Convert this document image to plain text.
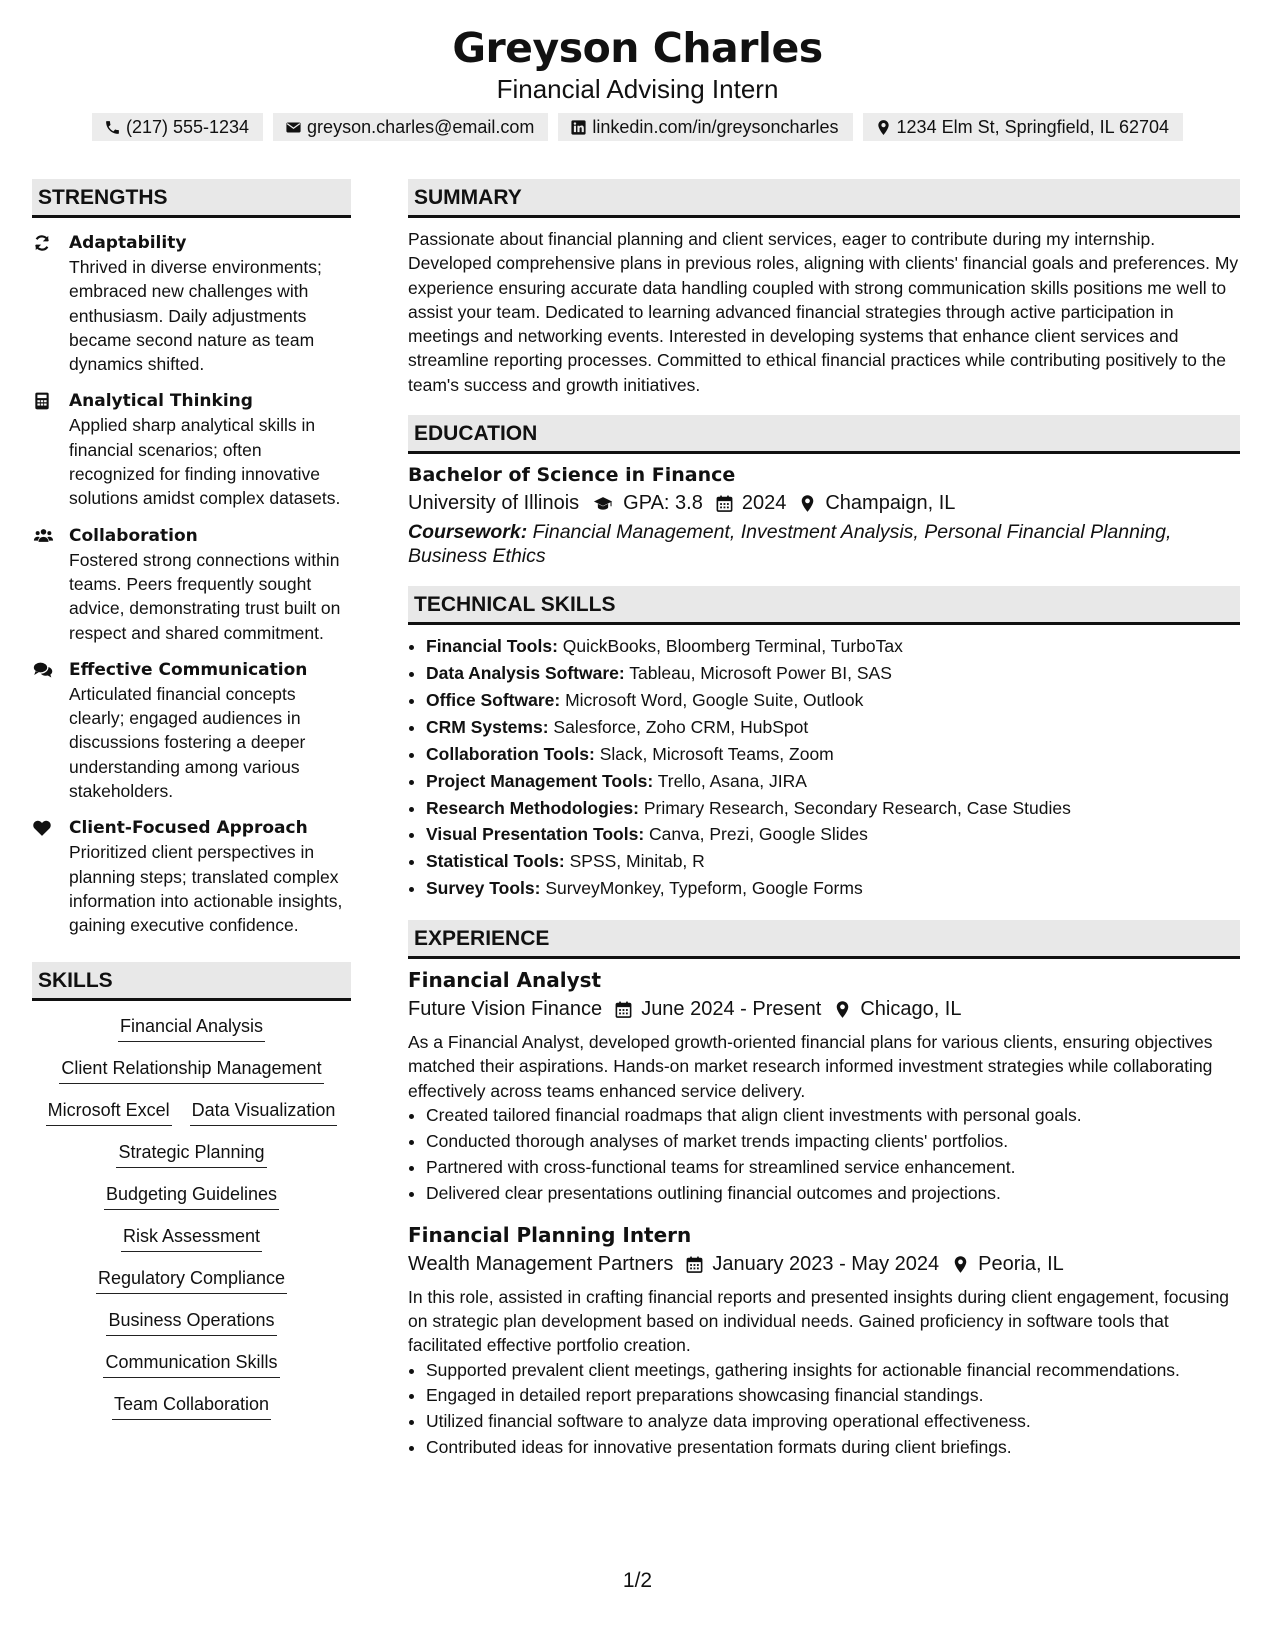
Greyson Charles
Financial Advising Intern
(217) 555-1234	greyson.charles@email.com	linkedin.com/in/greysoncharles	1234 Elm St, Springfield, IL 62704
STRENGTHS
Adaptability
Thrived in diverse environments; embraced new challenges with enthusiasm. Daily adjustments became second nature as team dynamics shifted.
Analytical Thinking
Applied sharp analytical skills in financial scenarios; often recognized for finding innovative solutions amidst complex datasets.
Collaboration
Fostered strong connections within teams. Peers frequently sought advice, demonstrating trust built on respect and shared commitment.
Effective Communication
Articulated financial concepts clearly; engaged audiences in discussions fostering a deeper understanding among various stakeholders.
Client-Focused Approach
Prioritized client perspectives in planning steps; translated complex information into actionable insights, gaining executive confidence.
SKILLS
Financial Analysis
Client Relationship Management
Microsoft Excel Data Visualization
Strategic Planning
Budgeting Guidelines
Risk Assessment
Regulatory Compliance
Business Operations
Communication Skills
Team Collaboration
SUMMARY
Passionate about financial planning and client services, eager to contribute during my internship. Developed comprehensive plans in previous roles, aligning with clients' financial goals and preferences. My experience ensuring accurate data handling coupled with strong communication skills positions me well to assist your team. Dedicated to learning advanced financial strategies through active participation in meetings and networking events. Interested in developing systems that enhance client services and streamline reporting processes. Committed to ethical financial practices while contributing positively to the team's success and growth initiatives.
EDUCATION
Bachelor of Science in Finance
University of Illinois GPA: 3.8 2024 Champaign, IL
Coursework: Financial Management, Investment Analysis, Personal Financial Planning, Business Ethics
TECHNICAL SKILLS
• Financial Tools: QuickBooks, Bloomberg Terminal, TurboTax
• Data Analysis Software: Tableau, Microsoft Power BI, SAS
• Office Software: Microsoft Word, Google Suite, Outlook
• CRM Systems: Salesforce, Zoho CRM, HubSpot
• Collaboration Tools: Slack, Microsoft Teams, Zoom
• Project Management Tools: Trello, Asana, JIRA
• Research Methodologies: Primary Research, Secondary Research, Case Studies
• Visual Presentation Tools: Canva, Prezi, Google Slides
• Statistical Tools: SPSS, Minitab, R
• Survey Tools: SurveyMonkey, Typeform, Google Forms
EXPERIENCE
Financial Analyst
Future Vision Finance June 2024 - Present Chicago, IL
As a Financial Analyst, developed growth-oriented financial plans for various clients, ensuring objectives matched their aspirations. Hands-on market research informed investment strategies while collaborating effectively across teams enhanced service delivery.
• Created tailored financial roadmaps that align client investments with personal goals.
• Conducted thorough analyses of market trends impacting clients' portfolios.
• Partnered with cross-functional teams for streamlined service enhancement.
• Delivered clear presentations outlining financial outcomes and projections.
Financial Planning Intern
Wealth Management Partners January 2023 - May 2024 Peoria, IL
In this role, assisted in crafting financial reports and presented insights during client engagement, focusing on strategic plan development based on individual needs. Gained proficiency in software tools that facilitated effective portfolio creation.
• Supported prevalent client meetings, gathering insights for actionable financial recommendations.
• Engaged in detailed report preparations showcasing financial standings.
• Utilized financial software to analyze data improving operational effectiveness.
• Contributed ideas for innovative presentation formats during client briefings.
1/2
